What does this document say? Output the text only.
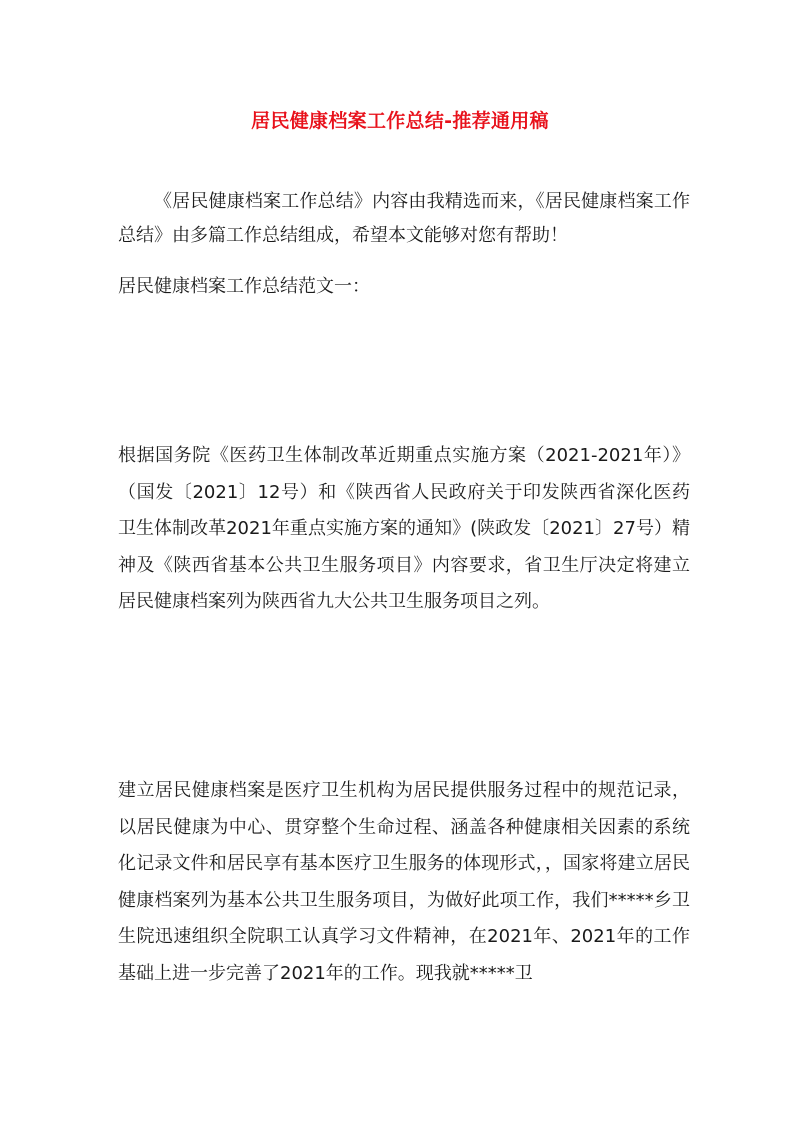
居民健康档案工作总结-推荐通用稿

《居民健康档案工作总结》内容由我精选而来，《居民健康档案工作总结》由多篇工作总结组成，希望本文能够对您有帮助！

居民健康档案工作总结范文一：

根据国务院《医药卫生体制改革近期重点实施方案（2021-2021年）》（国发〔2021〕12号）和《陕西省人民政府关于印发陕西省深化医药卫生体制改革2021年重点实施方案的通知》(陕政发〔2021〕27号）精神及《陕西省基本公共卫生服务项目》内容要求，省卫生厅决定将建立居民健康档案列为陕西省九大公共卫生服务项目之列。

建立居民健康档案是医疗卫生机构为居民提供服务过程中的规范记录，以居民健康为中心、贯穿整个生命过程、涵盖各种健康相关因素的系统化记录文件和居民享有基本医疗卫生服务的体现形式，，国家将建立居民健康档案列为基本公共卫生服务项目，为做好此项工作，我们*****乡卫生院迅速组织全院职工认真学习文件精神，在2021年、2021年的工作基础上进一步完善了2021年的工作。现我就*****卫
